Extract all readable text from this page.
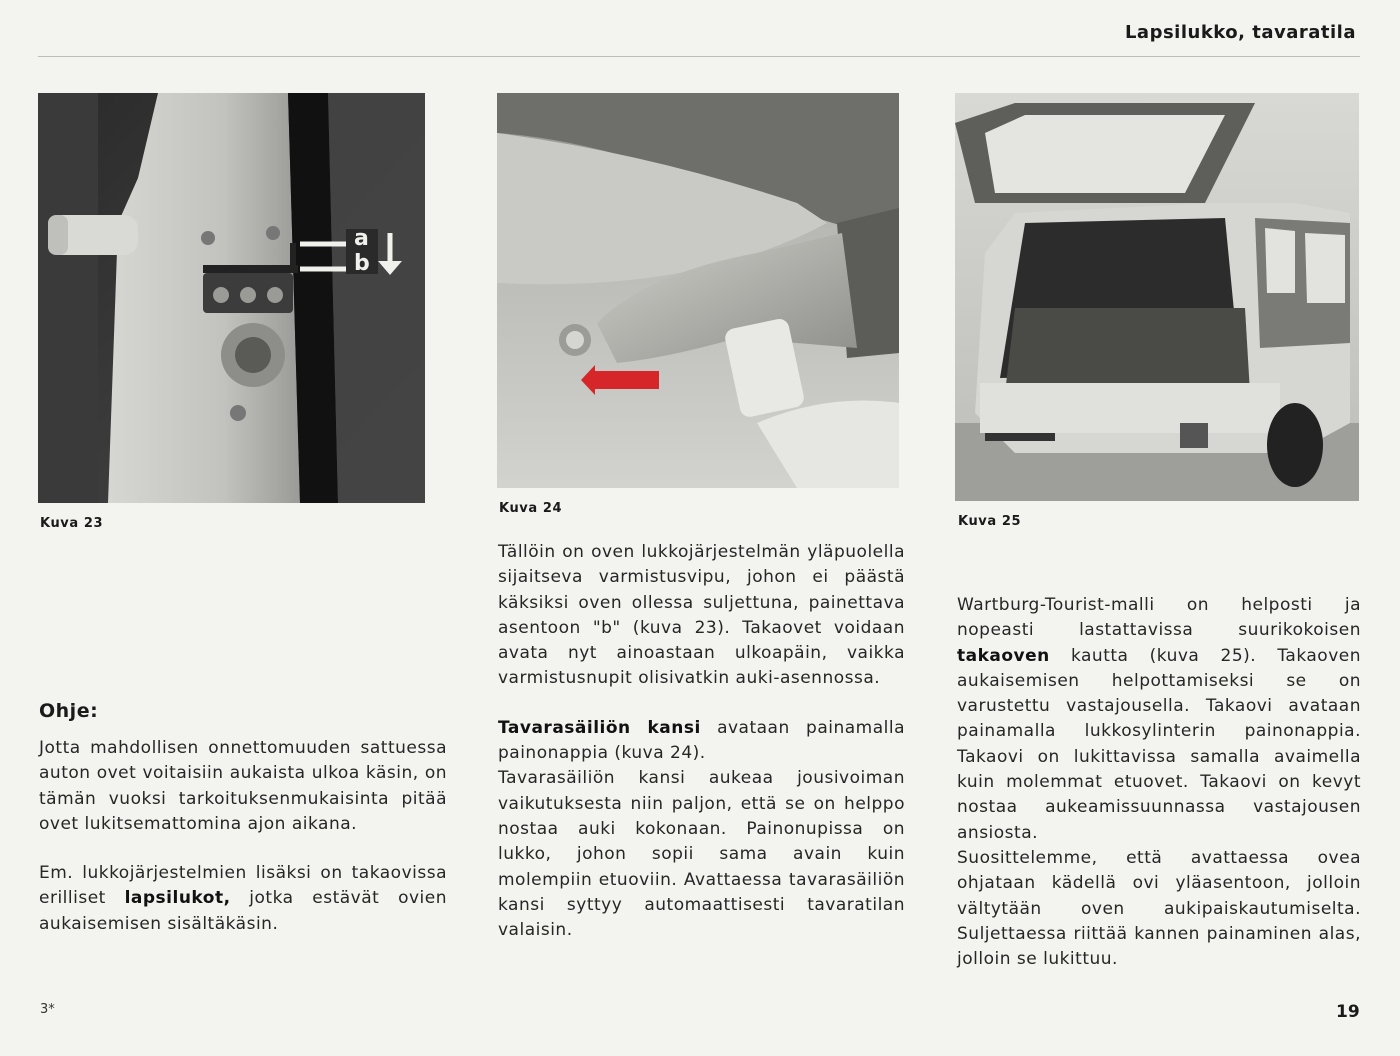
Lapsilukko, tavaratila
a
b
Kuva 23
Kuva 24
Kuva 25
Ohje:

Jotta mahdollisen onnettomuuden sattuessa auton ovet voitaisiin aukaista ulkoa käsin, on tämän vuoksi tarkoituksenmukaisinta pitää ovet lukitsemattomina ajon aikana.

Em. lukkojärjestelmien lisäksi on takaovissa erilliset lapsilukot, jotka estävät ovien aukaisemisen sisältäkäsin.

Tällöin on oven lukkojärjestelmän yläpuolella sijaitseva varmistusvipu, johon ei päästä käksiksi oven ollessa suljettuna, painettava asentoon "b" (kuva 23). Takaovet voidaan avata nyt ainoastaan ulkoapäin, vaikka varmistusnupit olisivatkin auki-asennossa.

Tavarasäiliön kansi avataan painamalla painonappia (kuva 24).

Tavarasäiliön kansi aukeaa jousivoiman vaikutuksesta niin paljon, että se on helppo nostaa auki kokonaan. Painonupissa on lukko, johon sopii sama avain kuin molempiin etuoviin. Avattaessa tavarasäiliön kansi syttyy automaattisesti tavaratilan valaisin.

Wartburg-Tourist-malli on helposti ja nopeasti lastattavissa suurikokoisen takaoven kautta (kuva 25). Takaoven aukaisemisen helpottamiseksi se on varustettu vastajousella. Takaovi avataan painamalla lukkosylinterin painonappia. Takaovi on lukittavissa samalla avaimella kuin molemmat etuovet. Takaovi on kevyt nostaa aukeamissuunnassa vastajousen ansiosta.

Suosittelemme, että avattaessa ovea ohjataan kädellä ovi yläasentoon, jolloin vältytään oven aukipaiskautumiselta. Suljettaessa riittää kannen painaminen alas, jolloin se lukittuu.

3*	19
